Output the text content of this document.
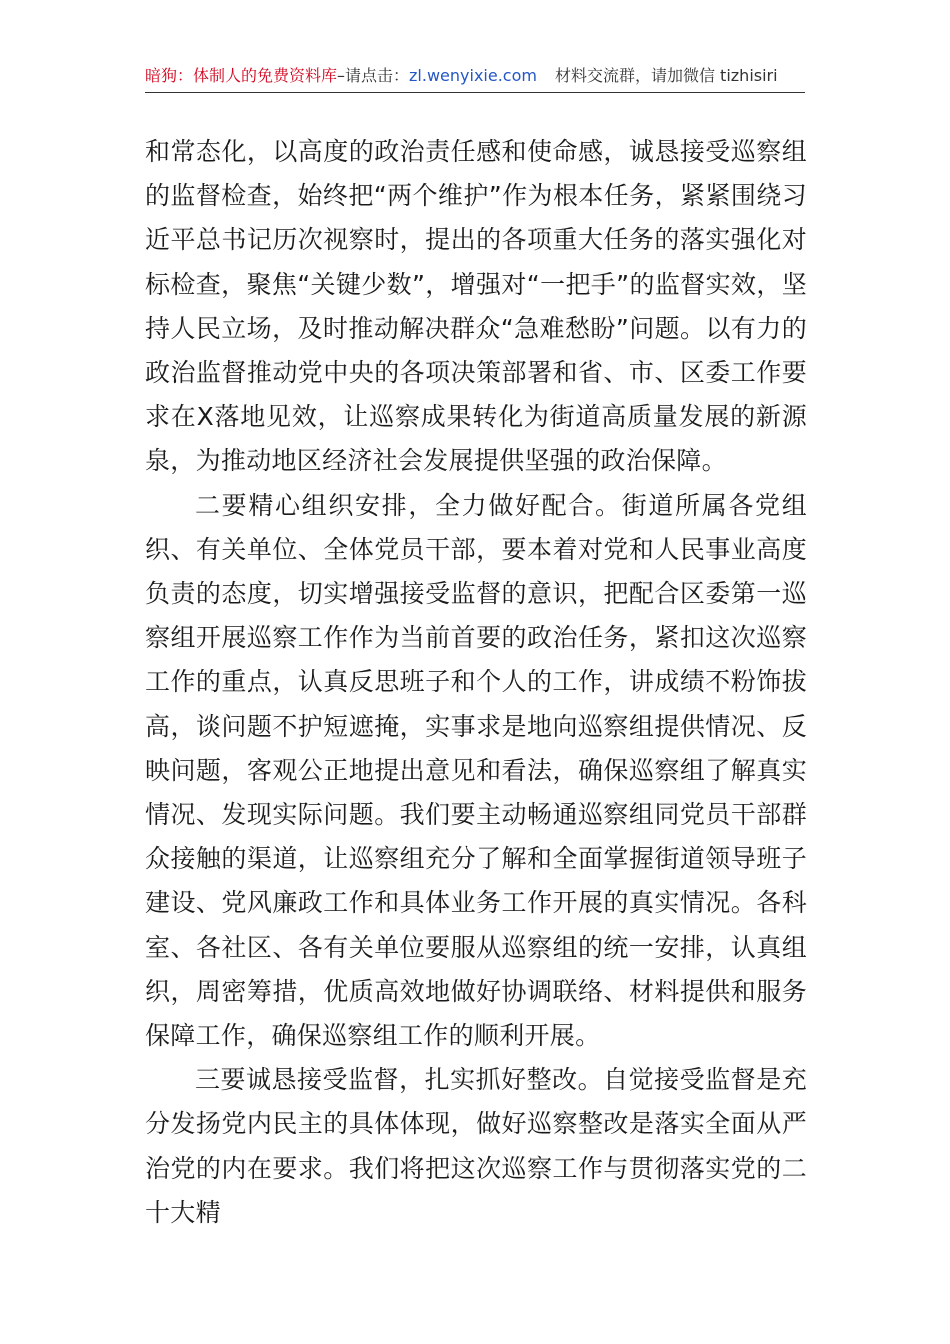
暗狗：体制人的免费资料库–请点击：zl.wenyixie.com 材料交流群，请加微信 tizhisiri

和常态化，以高度的政治责任感和使命感，诚恳接受巡察组的监督检查，始终把“两个维护”作为根本任务，紧紧围绕习近平总书记历次视察时，提出的各项重大任务的落实强化对标检查，聚焦“关键少数”，增强对“一把手”的监督实效，坚持人民立场，及时推动解决群众“急难愁盼”问题。以有力的政治监督推动党中央的各项决策部署和省、市、区委工作要求在X落地见效，让巡察成果转化为街道高质量发展的新源泉，为推动地区经济社会发展提供坚强的政治保障。

二要精心组织安排，全力做好配合。街道所属各党组织、有关单位、全体党员干部，要本着对党和人民事业高度负责的态度，切实增强接受监督的意识，把配合区委第一巡察组开展巡察工作作为当前首要的政治任务，紧扣这次巡察工作的重点，认真反思班子和个人的工作，讲成绩不粉饰拔高，谈问题不护短遮掩，实事求是地向巡察组提供情况、反映问题，客观公正地提出意见和看法，确保巡察组了解真实情况、发现实际问题。我们要主动畅通巡察组同党员干部群众接触的渠道，让巡察组充分了解和全面掌握街道领导班子建设、党风廉政工作和具体业务工作开展的真实情况。各科室、各社区、各有关单位要服从巡察组的统一安排，认真组织，周密筹措，优质高效地做好协调联络、材料提供和服务保障工作，确保巡察组工作的顺利开展。

三要诚恳接受监督，扎实抓好整改。自觉接受监督是充分发扬党内民主的具体体现，做好巡察整改是落实全面从严治党的内在要求。我们将把这次巡察工作与贯彻落实党的二十大精
